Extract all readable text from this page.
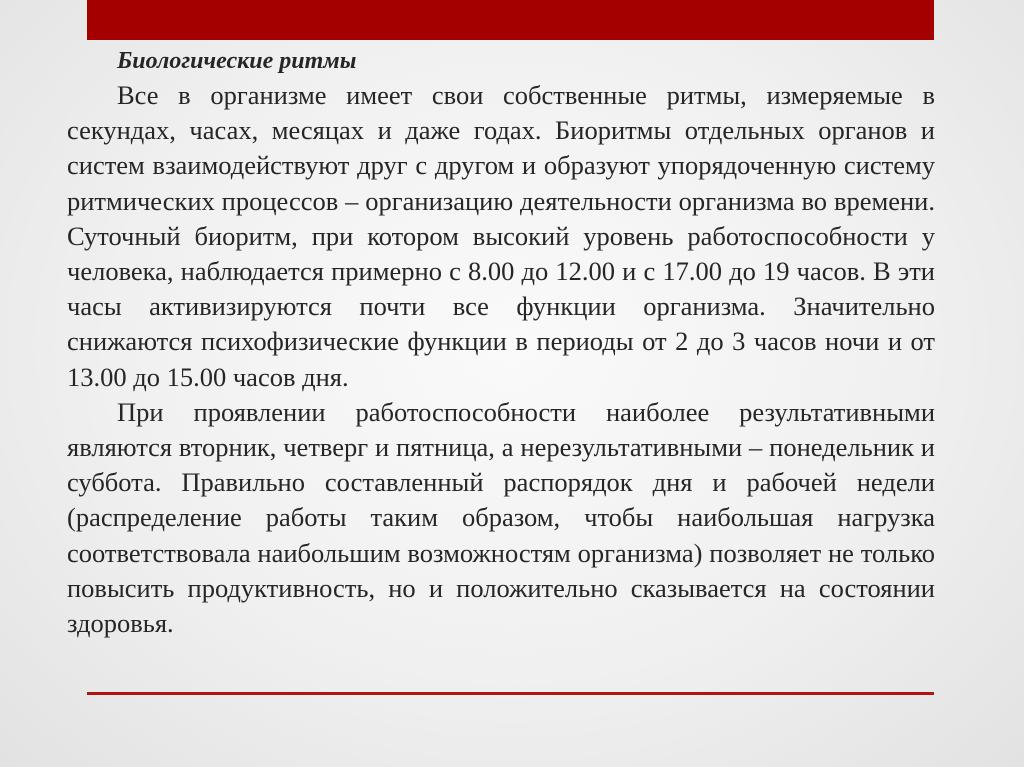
Биологические ритмы

Все в организме имеет свои собственные ритмы, измеряемые в секундах, часах, месяцах и даже годах. Биоритмы отдельных органов и систем взаимодействуют друг с другом и образуют упорядоченную систему ритмических процессов – организацию деятельности организма во времени. Суточный биоритм, при котором высокий уровень работоспособности у человека, наблюдается примерно с 8.00 до 12.00 и с 17.00 до 19 часов. В эти часы активизируются почти все функции организма. Значительно снижаются психофизические функции в периоды от 2 до 3 часов ночи и от 13.00 до 15.00 часов дня.

При проявлении работоспособности наиболее результативными являются вторник, четверг и пятница, а нерезультативными – понедельник и суббота. Правильно составленный распорядок дня и рабочей недели (распределение работы таким образом, чтобы наибольшая нагрузка соответствовала наибольшим возможностям организма) позволяет не только повысить продуктивность, но и положительно сказывается на состоянии здоровья.
